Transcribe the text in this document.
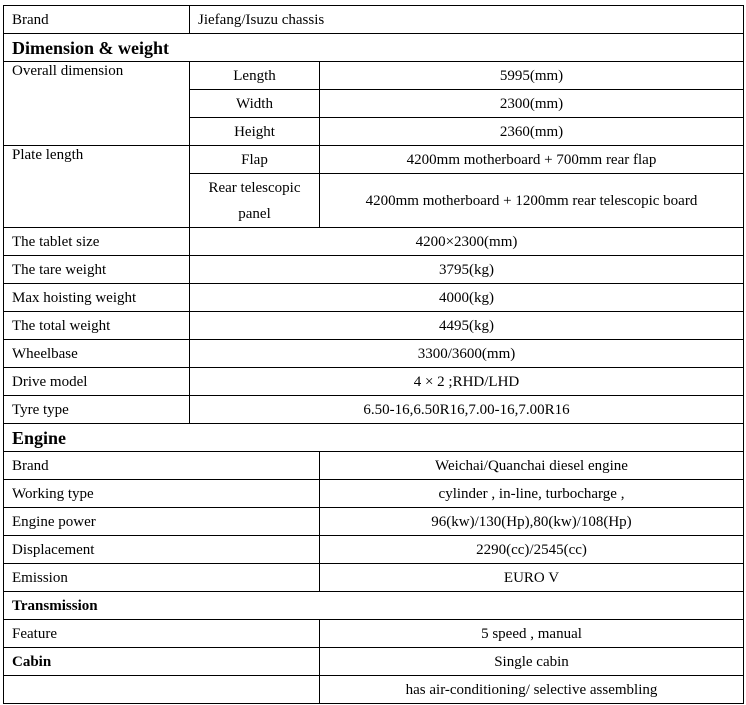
Brand	Jiefang/Isuzu chassis	
Dimension & weight		
Overall dimension	Length	5995(mm)
	Width	2300(mm)
	Height	2360(mm)
Plate length	Flap	4200mm motherboard + 700mm rear flap
	Rear telescopic panel	4200mm motherboard + 1200mm rear telescopic board
The tablet size	4200×2300(mm)	
The tare weight	3795(kg)	
Max hoisting weight	4000(kg)	
The total weight	4495(kg)	
Wheelbase	3300/3600(mm)	
Drive model	4 × 2 ;RHD/LHD	
Tyre type	6.50-16,6.50R16,7.00-16,7.00R16	
Engine		
Brand		Weichai/Quanchai diesel engine
Working type		cylinder , in-line, turbocharge ,
Engine power		96(kw)/130(Hp),80(kw)/108(Hp)
Displacement		2290(cc)/2545(cc)
Emission		EURO V
Transmission		
Feature		5 speed , manual
Cabin		Single cabin
		has air-conditioning/ selective assembling
